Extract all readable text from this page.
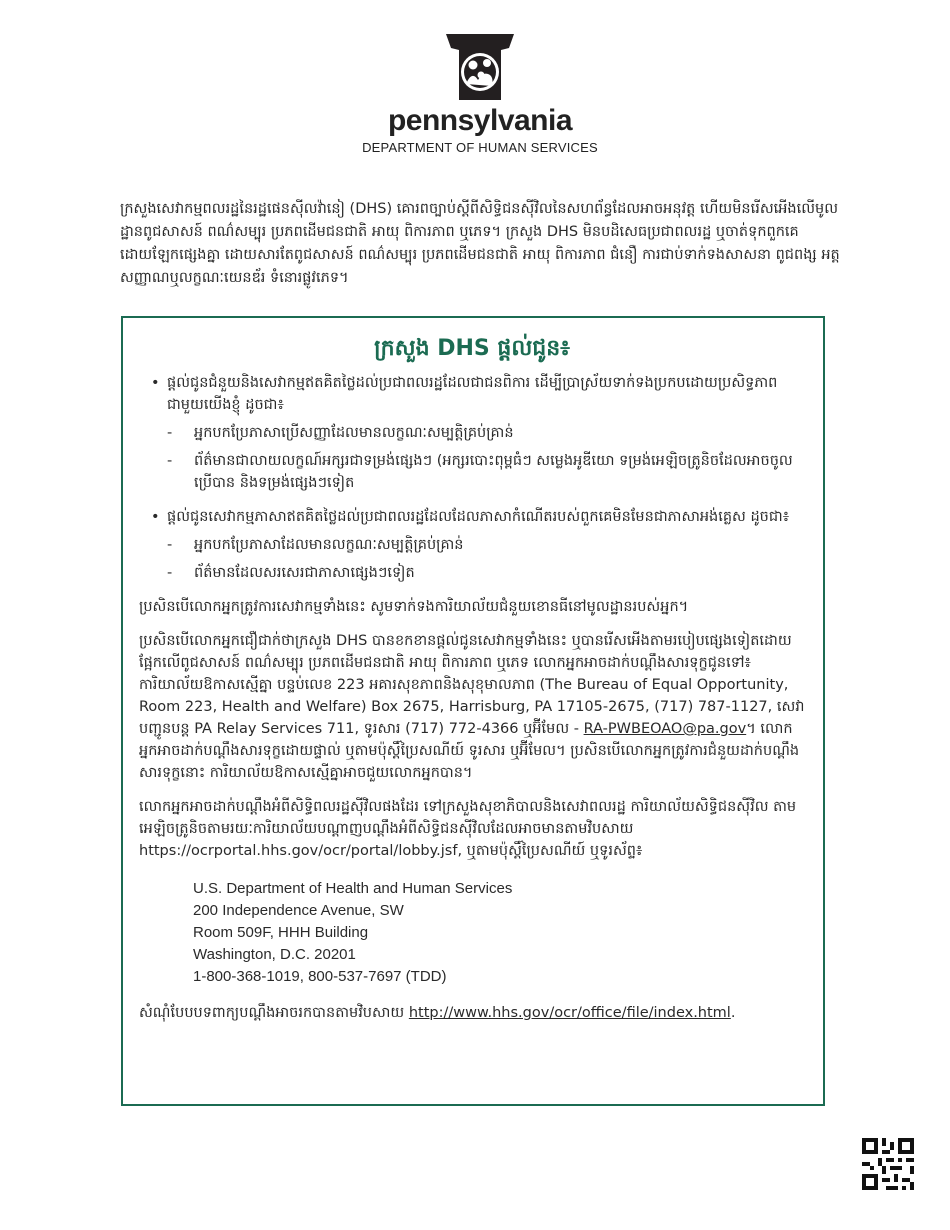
pennsylvania
DEPARTMENT OF HUMAN SERVICES
ក្រសួងសេវាកម្មពលរដ្ឋនៃរដ្ឋផេនស៊ីលវ៉ានៀ (DHS) គោរពច្បាប់ស្ដីពីសិទ្ធិជនស៊ីវិលនៃសហព័ន្ធដែលអាចអនុវត្ត ហើយមិនរើសអើងលើមូលដ្ឋានពូជសាសន៍ ពណ៌សម្បុរ ប្រភពដើមជនជាតិ អាយុ ពិការភាព ឬភេទ។ ក្រសួង DHS មិនបដិសេធប្រជាពលរដ្ឋ ឬចាត់ទុកពួកគេដោយឡែកផ្សេងគ្នា ដោយសារតែពូជសាសន៍ ពណ៌សម្បុរ ប្រភពដើមជនជាតិ អាយុ ពិការភាព ជំនឿ ការជាប់ទាក់ទងសាសនា ពូជពង្ស អត្តសញ្ញាណឬលក្ខណៈយេនឌ័រ ទំនោរផ្លូវភេទ។
ក្រសួង DHS ផ្ដល់ជូន៖
• ផ្ដល់ជូនជំនួយនិងសេវាកម្មឥតគិតថ្លៃដល់ប្រជាពលរដ្ឋដែលជាជនពិការ ដើម្បីប្រាស្រ័យទាក់ទងប្រកបដោយប្រសិទ្ធភាពជាមួយយើងខ្ញុំ ដូចជា៖
- អ្នកបកប្រែភាសាប្រើសញ្ញាដែលមានលក្ខណៈសម្បត្តិគ្រប់គ្រាន់
- ព័ត៌មានជាលាយលក្ខណ៍អក្សរជាទម្រង់ផ្សេងៗ (អក្សរបោះពុម្ពធំៗ សម្លេងអូឌីយោ ទម្រង់អេឡិចត្រូនិចដែលអាចចូលប្រើបាន និងទម្រង់ផ្សេងៗទៀត
• ផ្ដល់ជូនសេវាកម្មភាសាឥតគិតថ្លៃដល់ប្រជាពលរដ្ឋដែលដែលភាសាកំណើតរបស់ពួកគេមិនមែនជាភាសាអង់គ្លេស ដូចជា៖
- អ្នកបកប្រែភាសាដែលមានលក្ខណៈសម្បត្តិគ្រប់គ្រាន់
- ព័ត៌មានដែលសរសេរជាភាសាផ្សេងៗទៀត

ប្រសិនបើលោកអ្នកត្រូវការសេវាកម្មទាំងនេះ សូមទាក់ទងការិយាល័យជំនួយខោនធីនៅមូលដ្ឋានរបស់អ្នក។

ប្រសិនបើលោកអ្នកជឿជាក់ថាក្រសួង DHS បានខកខានផ្ដល់ជូនសេវាកម្មទាំងនេះ ឬបានរើសអើងតាមរបៀបផ្សេងទៀតដោយផ្អែកលើពូជសាសន៍ ពណ៌សម្បុរ ប្រភពដើមជនជាតិ អាយុ ពិការភាព ឬភេទ លោកអ្នកអាចដាក់បណ្ដឹងសារទុក្ខជូនទៅ៖ ការិយាល័យឱកាសស្មើគ្នា បន្ទប់លេខ 223 អគារសុខភាពនិងសុខុមាលភាព (The Bureau of Equal Opportunity, Room 223, Health and Welfare) Box 2675, Harrisburg, PA 17105-2675, (717) 787-1127, សេវាបញ្ជូនបន្ត PA Relay Services 711, ទូរសារ (717) 772-4366 ឬអ៊ីមែល - RA-PWBEOAO@pa.gov។ លោកអ្នកអាចដាក់បណ្ដឹងសារទុក្ខដោយផ្ទាល់ ឬតាមប៉ុស្ដិ៍ប្រៃសណីយ៍ ទូរសារ ឬអ៊ីមែល។ ប្រសិនបើលោកអ្នកត្រូវការជំនួយដាក់បណ្ដឹងសារទុក្ខនោះ ការិយាល័យឱកាសស្មើគ្នាអាចជួយលោកអ្នកបាន។

លោកអ្នកអាចដាក់បណ្ដឹងអំពីសិទ្ធិពលរដ្ឋស៊ីវិលផងដែរ ទៅក្រសួងសុខាភិបាលនិងសេវាពលរដ្ឋ ការិយាល័យសិទ្ធិជនស៊ីវិល តាមអេឡិចត្រូនិចតាមរយៈការិយាល័យបណ្ដាញបណ្ដឹងអំពីសិទ្ធិជនស៊ីវិលដែលអាចមានតាមវិបសាយ https://ocrportal.hhs.gov/ocr/portal/lobby.jsf, ឬតាមប៉ុស្ដិ៍ប្រៃសណីយ៍ ឬទូរស័ព្ទ៖

U.S. Department of Health and Human Services
200 Independence Avenue, SW
Room 509F, HHH Building
Washington, D.C. 20201
1-800-368-1019, 800-537-7697 (TDD)

សំណុំបែបបទពាក្យបណ្ដឹងអាចរកបានតាមវិបសាយ http://www.hhs.gov/ocr/office/file/index.html.
